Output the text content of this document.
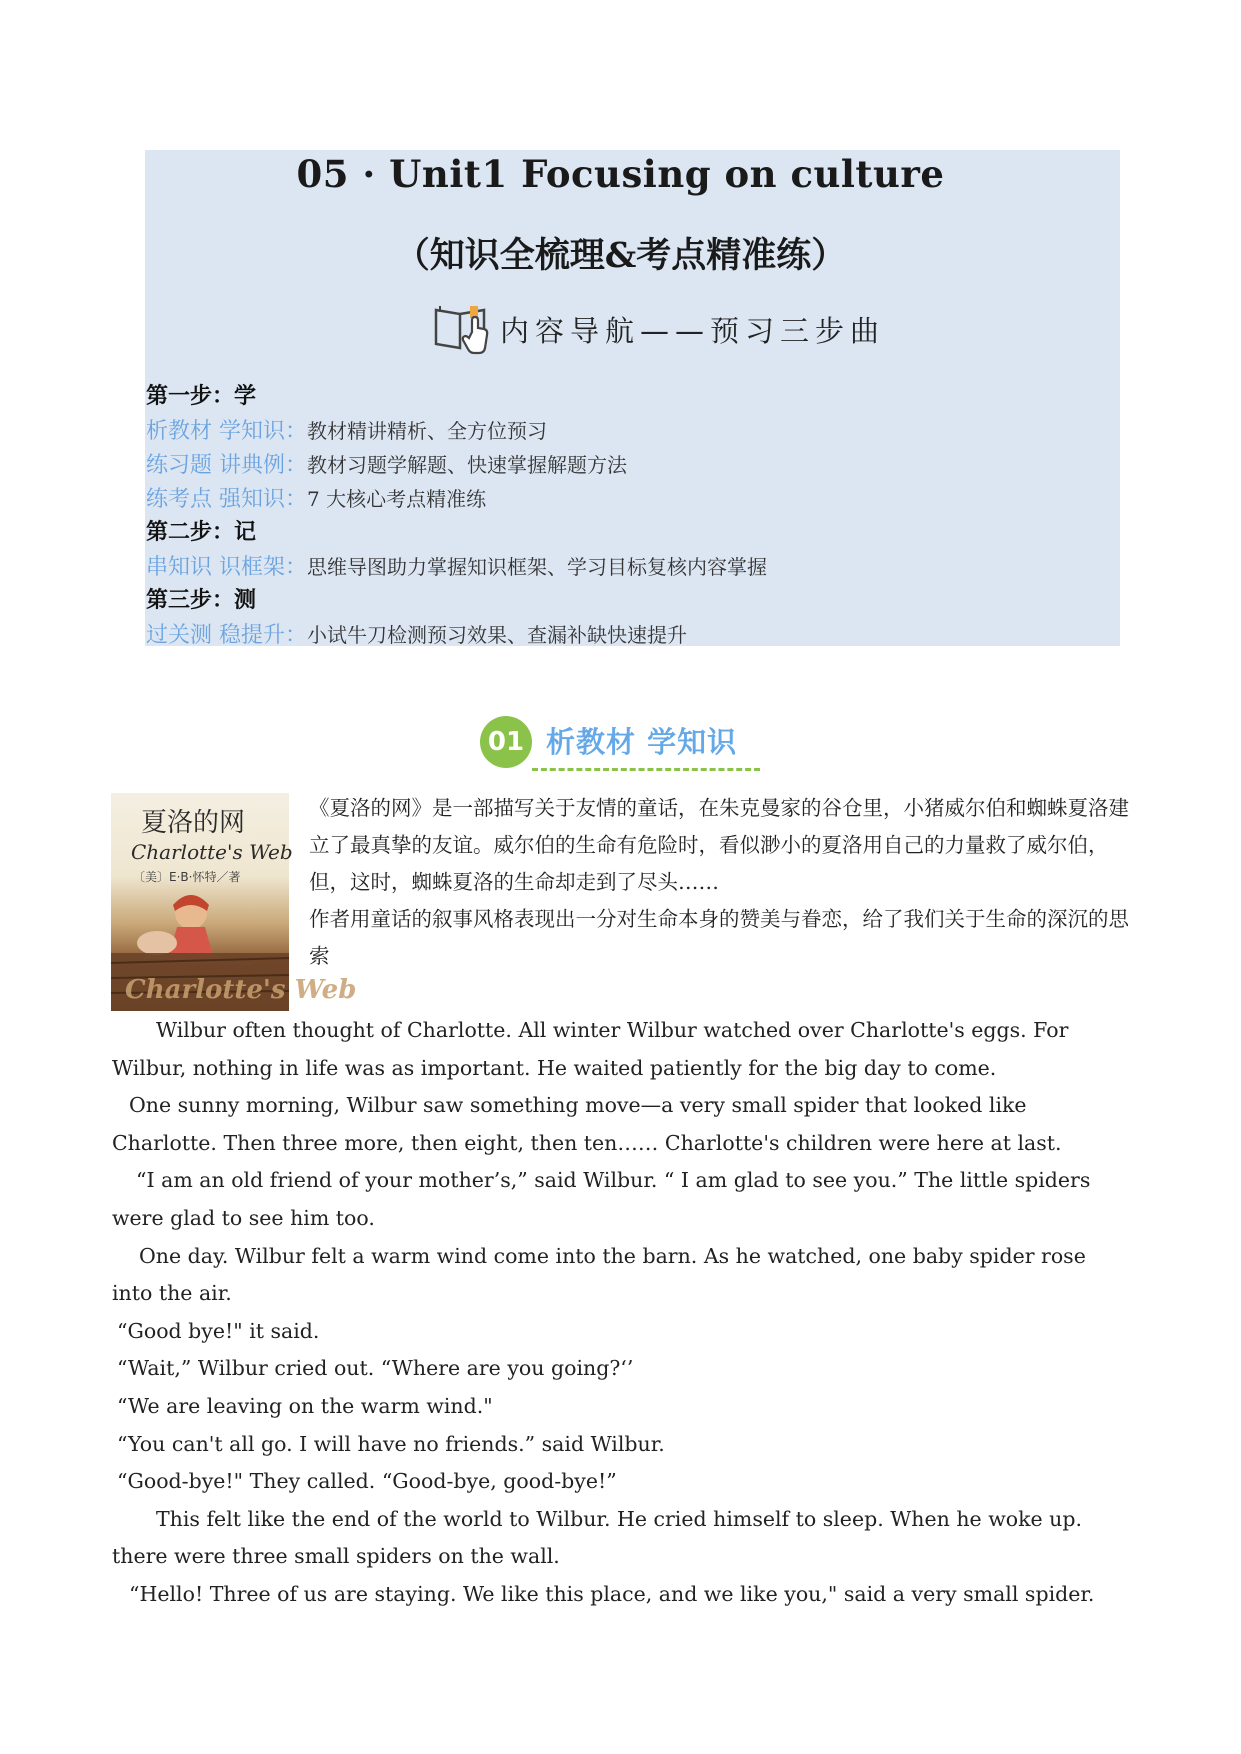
05 · Unit1 Focusing on culture
（知识全梳理&考点精准练）
内容导航——预习三步曲
第一步：学
析教材 学知识：教材精讲精析、全方位预习
练习题 讲典例：教材习题学解题、快速掌握解题方法
练考点 强知识：7 大核心考点精准练
第二步：记
串知识 识框架：思维导图助力掌握知识框架、学习目标复核内容掌握
第三步：测
过关测 稳提升：小试牛刀检测预习效果、查漏补缺快速提升
01 析教材 学知识
夏洛的网
Charlotte's Web
〔美〕E·B·怀特／著
Charlotte's Web
《夏洛的网》是一部描写关于友情的童话，在朱克曼家的谷仓里，小猪威尔伯和蜘蛛夏洛建立了最真挚的友谊。威尔伯的生命有危险时，看似渺小的夏洛用自己的力量救了威尔伯，但，这时，蜘蛛夏洛的生命却走到了尽头……
作者用童话的叙事风格表现出一分对生命本身的赞美与眷恋，给了我们关于生命的深沉的思索

Wilbur often thought of Charlotte. All winter Wilbur watched over Charlotte's eggs. For Wilbur, nothing in life was as important. He waited patiently for the big day to come.

One sunny morning, Wilbur saw something move—a very small spider that looked like Charlotte. Then three more, then eight, then ten…… Charlotte's children were here at last.

“I am an old friend of your mother’s,” said Wilbur. “ I am glad to see you.” The little spiders were glad to see him too.

One day. Wilbur felt a warm wind come into the barn. As he watched, one baby spider rose into the air.

“Good bye!" it said.

“Wait,” Wilbur cried out. “Where are you going?‘’

“We are leaving on the warm wind."

“You can't all go. I will have no friends.” said Wilbur.

“Good-bye!" They called. “Good-bye, good-bye!”

This felt like the end of the world to Wilbur. He cried himself to sleep. When he woke up. there were three small spiders on the wall.

“Hello! Three of us are staying. We like this place, and we like you," said a very small spider.
